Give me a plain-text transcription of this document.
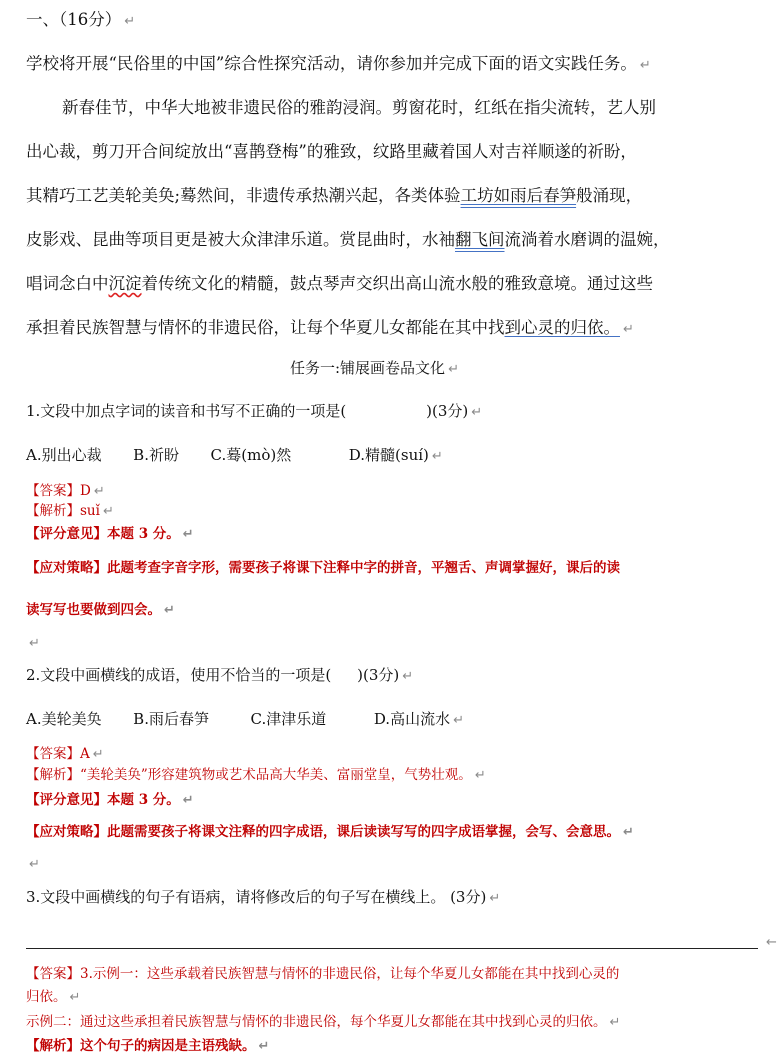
一、（16分） ↵
学校将开展“民俗里的中国”综合性探究活动，请你参加并完成下面的语文实践任务。 ↵
新春佳节，中华大地被非遗民俗的雅韵浸润。剪窗花时，红纸在指尖流转，艺人别
出心裁，剪刀开合间绽放出“喜鹊登梅”的雅致，纹路里藏着国人对吉祥顺遂的祈盼，
其精巧工艺美轮美奂;蓦然间，非遗传承热潮兴起，各类体验工坊如雨后春笋般涌现，
皮影戏、昆曲等项目更是被大众津津乐道。赏昆曲时，水袖翻飞间流淌着水磨调的温婉，
唱词念白中沉淀着传统文化的精髓，鼓点琴声交织出高山流水般的雅致意境。通过这些
承担着民族智慧与情怀的非遗民俗，让每个华夏儿女都能在其中找到心灵的归依。 ↵
任务一:铺展画卷品文化 ↵
1.文段中加点字词的读音和书写不正确的一项是(	)(3分) ↵
A.别出心裁 B.祈盼 C.蓦(mò)然	D.精髓(suí) ↵
【答案】D ↵
【解析】suǐ ↵
【评分意见】本题 3 分。 ↵
【应对策略】此题考查字音字形，需要孩子将课下注释中字的拼音，平翘舌、声调掌握好，课后的读
读写写也要做到四会。 ↵
↵
2.文段中画横线的成语，使用不恰当的一项是( )(3分) ↵
A.美轮美奂 B.雨后春笋	C.津津乐道	D.高山流水 ↵
【答案】A ↵
【解析】“美轮美奂”形容建筑物或艺术品高大华美、富丽堂皇，气势壮观。 ↵
【评分意见】本题 3 分。 ↵
【应对策略】此题需要孩子将课文注释的四字成语，课后读读写写的四字成语掌握，会写、会意思。 ↵
↵
3.文段中画横线的句子有语病，请将修改后的句子写在横线上。 (3分) ↵
←
【答案】3.示例一：这些承载着民族智慧与情怀的非遗民俗，让每个华夏儿女都能在其中找到心灵的
归依。 ↵
示例二：通过这些承担着民族智慧与情怀的非遗民俗，每个华夏儿女都能在其中找到心灵的归依。 ↵
【解析】这个句子的病因是主语残缺。 ↵
